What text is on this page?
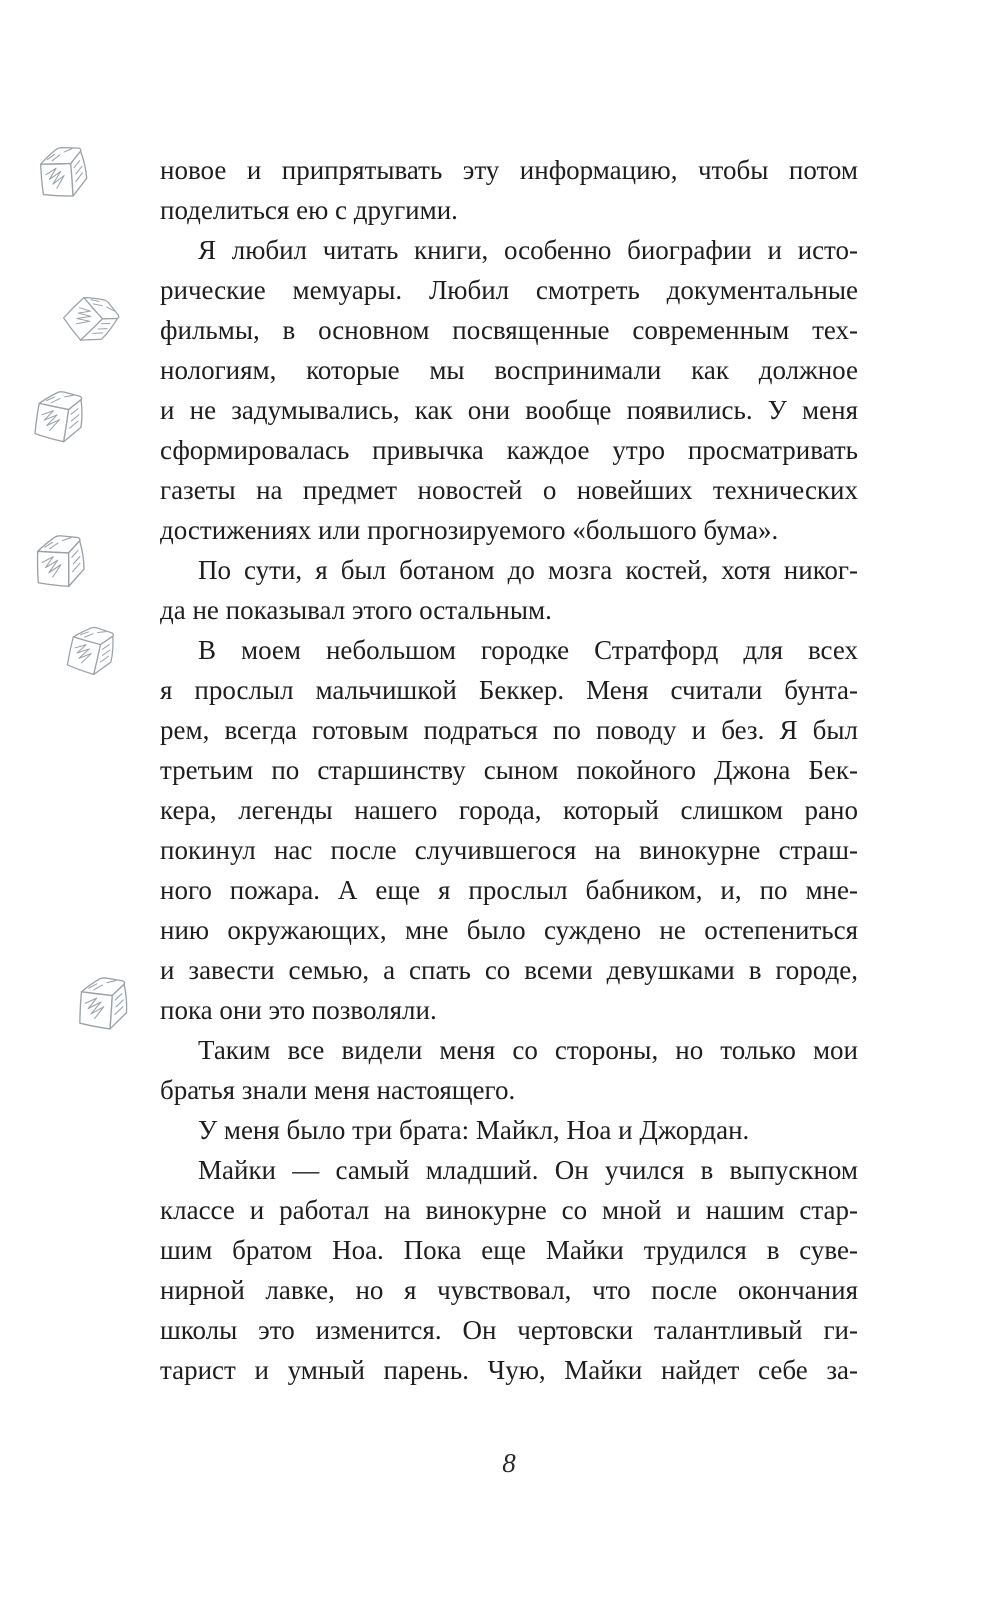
новое и припрятывать эту информацию, чтобы потом
поделиться ею с другими.
Я любил читать книги, особенно биографии и исто-
рические мемуары. Любил смотреть документальные
фильмы, в основном посвященные современным тех-
нологиям, которые мы воспринимали как должное
и не задумывались, как они вообще появились. У меня
сформировалась привычка каждое утро просматривать
газеты на предмет новостей о новейших технических
достижениях или прогнозируемого «большого бума».
По сути, я был ботаном до мозга костей, хотя никог-
да не показывал этого остальным.
В моем небольшом городке Стратфорд для всех
я прослыл мальчишкой Беккер. Меня считали бунта-
рем, всегда готовым подраться по поводу и без. Я был
третьим по старшинству сыном покойного Джона Бек-
кера, легенды нашего города, который слишком рано
покинул нас после случившегося на винокурне страш-
ного пожара. А еще я прослыл бабником, и, по мне-
нию окружающих, мне было суждено не остепениться
и завести семью, а спать со всеми девушками в городе,
пока они это позволяли.
Таким все видели меня со стороны, но только мои
братья знали меня настоящего.
У меня было три брата: Майкл, Ноа и Джордан.
Майки — самый младший. Он учился в выпускном
классе и работал на винокурне со мной и нашим стар-
шим братом Ноа. Пока еще Майки трудился в суве-
нирной лавке, но я чувствовал, что после окончания
школы это изменится. Он чертовски талантливый ги-
тарист и умный парень. Чую, Майки найдет себе за-
8
